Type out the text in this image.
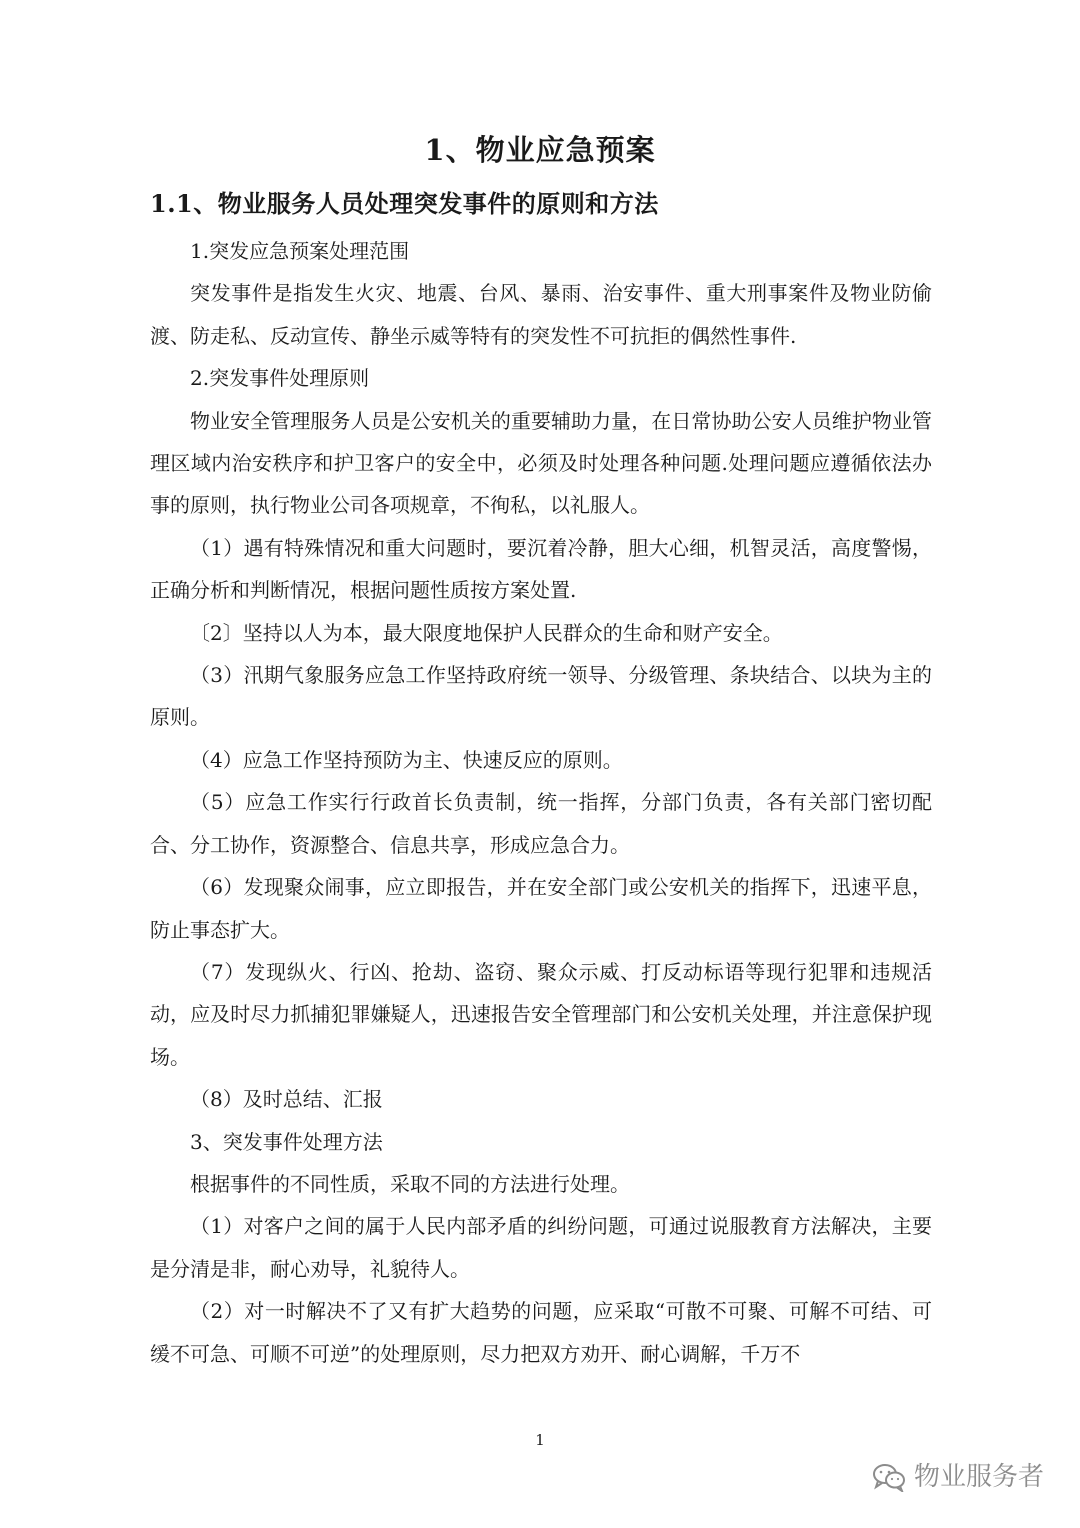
1、物业应急预案
1.1、物业服务人员处理突发事件的原则和方法

1.突发应急预案处理范围

突发事件是指发生火灾、地震、台风、暴雨、治安事件、重大刑事案件及物业防偷渡、防走私、反动宣传、静坐示威等特有的突发性不可抗拒的偶然性事件.

2.突发事件处理原则

物业安全管理服务人员是公安机关的重要辅助力量，在日常协助公安人员维护物业管理区域内治安秩序和护卫客户的安全中，必须及时处理各种问题.处理问题应遵循依法办事的原则，执行物业公司各项规章，不徇私，以礼服人。

（1）遇有特殊情况和重大问题时，要沉着冷静，胆大心细，机智灵活，高度警惕，正确分析和判断情况，根据问题性质按方案处置.

〔2〕坚持以人为本，最大限度地保护人民群众的生命和财产安全。

（3）汛期气象服务应急工作坚持政府统一领导、分级管理、条块结合、以块为主的原则。

（4）应急工作坚持预防为主、快速反应的原则。

（5）应急工作实行行政首长负责制，统一指挥，分部门负责，各有关部门密切配合、分工协作，资源整合、信息共享，形成应急合力。

（6）发现聚众闹事，应立即报告，并在安全部门或公安机关的指挥下，迅速平息，防止事态扩大。

（7）发现纵火、行凶、抢劫、盗窃、聚众示威、打反动标语等现行犯罪和违规活动，应及时尽力抓捕犯罪嫌疑人，迅速报告安全管理部门和公安机关处理，并注意保护现场。

（8）及时总结、汇报

3、突发事件处理方法

根据事件的不同性质，采取不同的方法进行处理。

（1）对客户之间的属于人民内部矛盾的纠纷问题，可通过说服教育方法解决，主要是分清是非，耐心劝导，礼貌待人。

（2）对一时解决不了又有扩大趋势的问题，应采取“可散不可聚、可解不可结、可缓不可急、可顺不可逆”的处理原则，尽力把双方劝开、耐心调解，千万不

1
物业服务者
